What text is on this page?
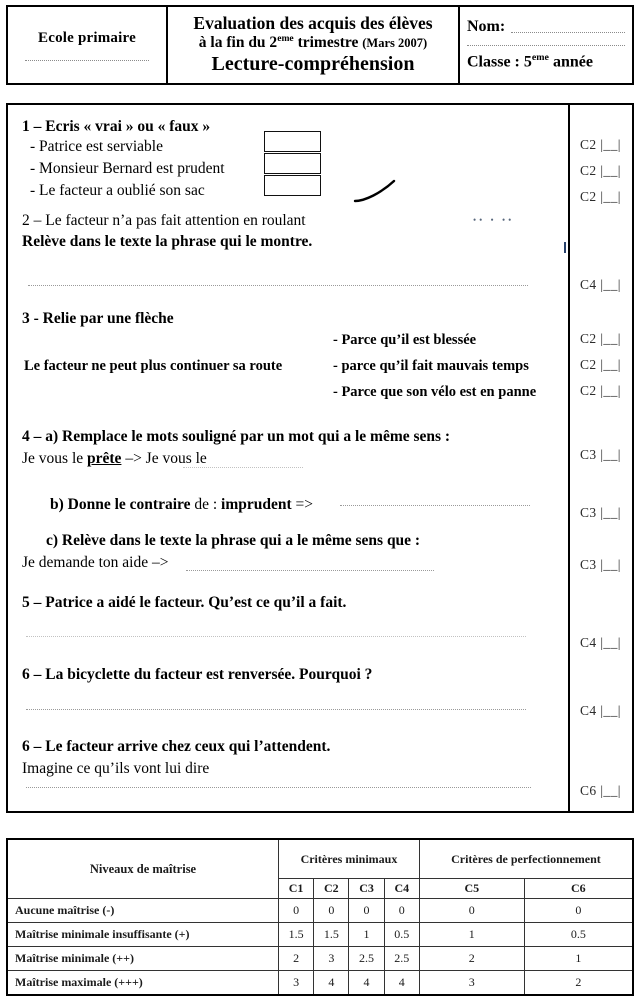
Ecole primaire
Evaluation des acquis des élèves
à la fin du 2eme trimestre (Mars 2007)
Lecture-compréhension
Nom:
Classe : 5eme année
•• • ••
1 – Ecris « vrai » ou « faux »
- Patrice est serviable
- Monsieur Bernard est prudent
- Le facteur a oublié son sac
2 – Le facteur n’a pas fait attention en roulant
Relève dans le texte la phrase qui le montre.
3 - Relie par une flèche
Le facteur ne peut plus continuer sa route
- Parce qu’il est blessée
- parce qu’il fait mauvais temps
- Parce que son vélo est en panne
4 – a) Remplace le mots souligné par un mot qui a le même sens :
Je vous le prête –> Je vous le
b) Donne le contraire de : imprudent =>
c) Relève dans le texte la phrase qui a le même sens que :
Je demande ton aide –>
5 – Patrice a aidé le facteur. Qu’est ce qu’il a fait.
6 – La bicyclette du facteur est renversée. Pourquoi ?
6 – Le facteur arrive chez ceux qui l’attendent.
Imagine ce qu’ils vont lui dire
C2 |__|
C2 |__|
C2 |__|
C4 |__|
C2 |__|
C2 |__|
C2 |__|
C3 |__|
C3 |__|
C3 |__|
C4 |__|
C4 |__|
C6 |__|
Niveaux de maîtrise	Critères minimaux				Critères de perfectionnement	
	C1	C2	C3	C4	C5	C6
Aucune maîtrise (-)	0	0	0	0	0	0
Maîtrise minimale insuffisante (+)	1.5	1.5	1	0.5	1	0.5
Maîtrise minimale (++)	2	3	2.5	2.5	2	1
Maîtrise maximale (+++)	3	4	4	4	3	2
